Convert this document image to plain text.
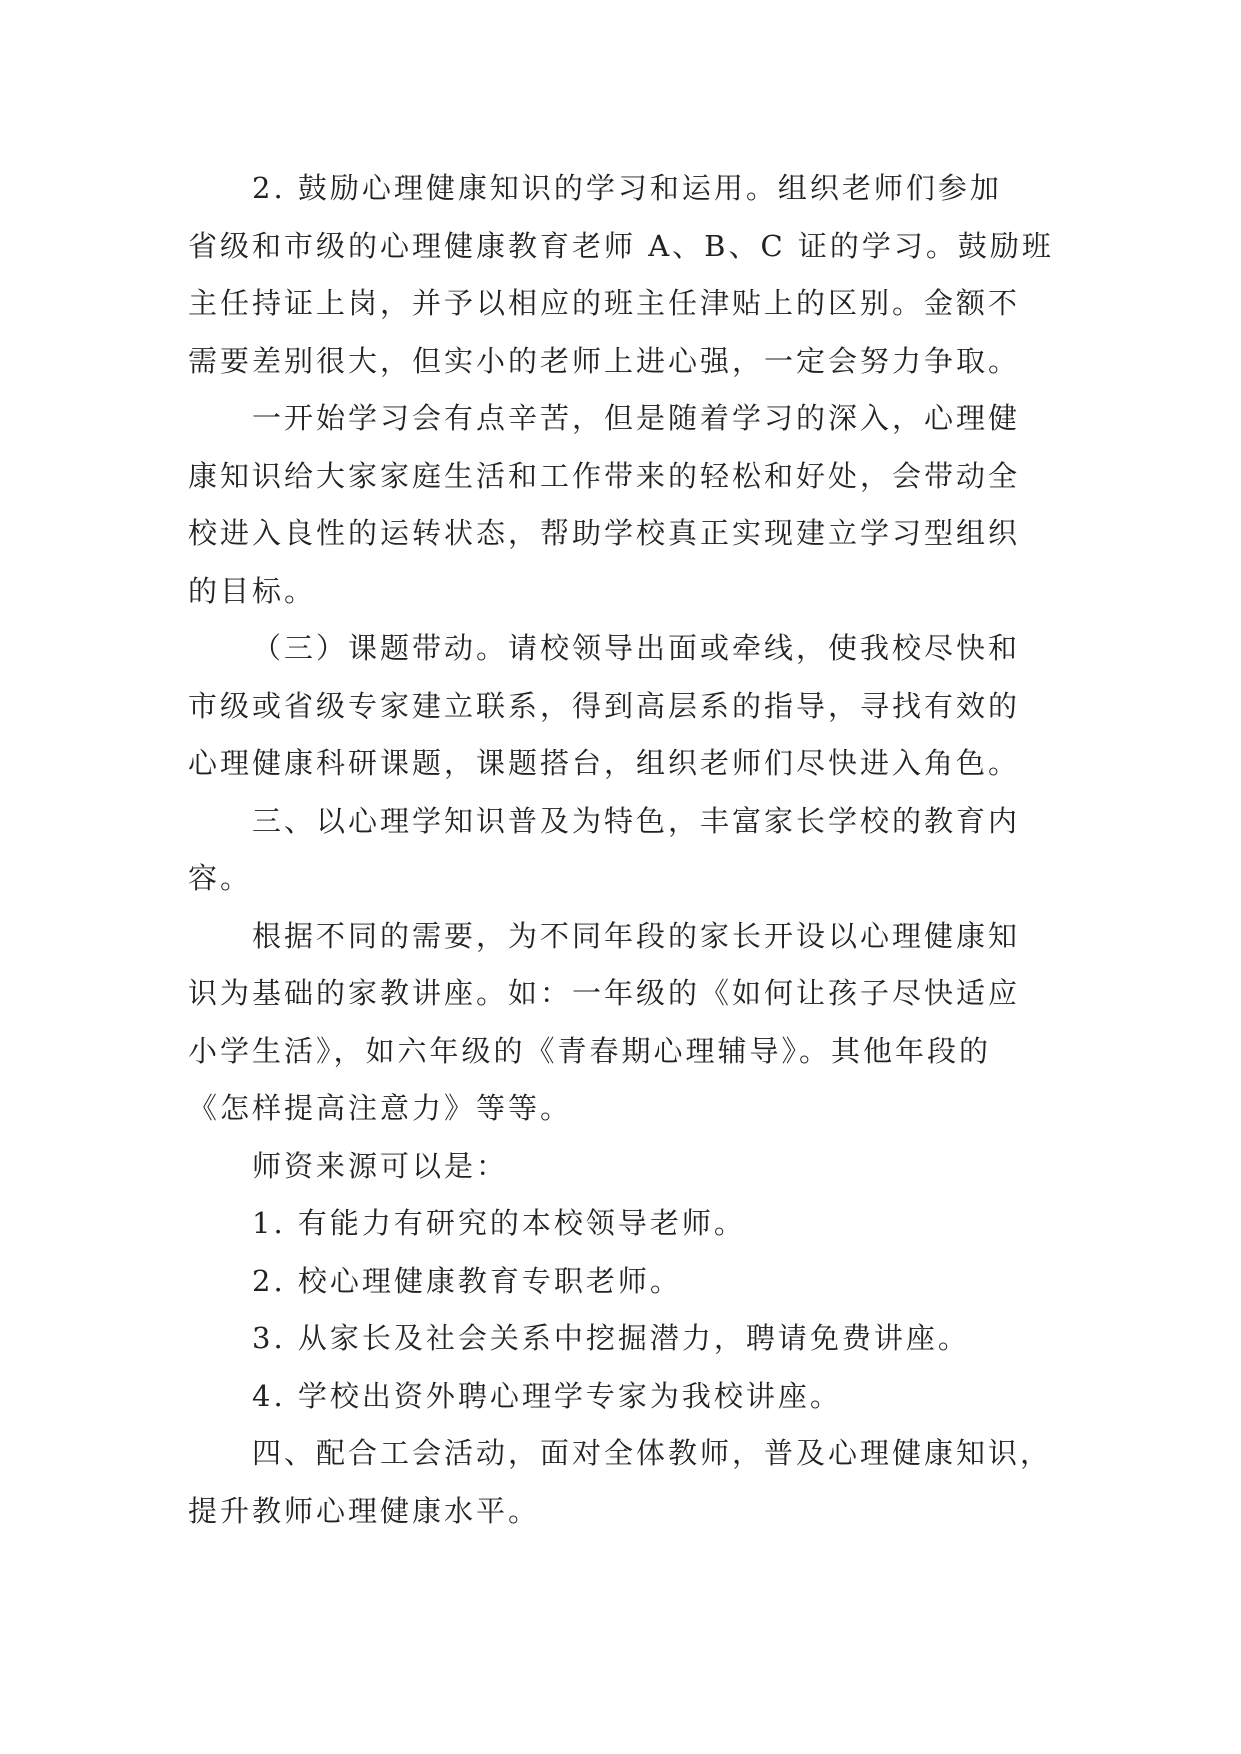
2. 鼓励心理健康知识的学习和运用。组织老师们参加
省级和市级的心理健康教育老师 A、B、C 证的学习。鼓励班
主任持证上岗，并予以相应的班主任津贴上的区别。金额不
需要差别很大，但实小的老师上进心强，一定会努力争取。
一开始学习会有点辛苦，但是随着学习的深入，心理健
康知识给大家家庭生活和工作带来的轻松和好处，会带动全
校进入良性的运转状态，帮助学校真正实现建立学习型组织
的目标。
（三）课题带动。请校领导出面或牵线，使我校尽快和
市级或省级专家建立联系，得到高层系的指导，寻找有效的
心理健康科研课题，课题搭台，组织老师们尽快进入角色。
三、以心理学知识普及为特色，丰富家长学校的教育内
容。
根据不同的需要，为不同年段的家长开设以心理健康知
识为基础的家教讲座。如：一年级的《如何让孩子尽快适应
小学生活》，如六年级的《青春期心理辅导》。其他年段的
《怎样提高注意力》等等。
师资来源可以是：
1. 有能力有研究的本校领导老师。
2. 校心理健康教育专职老师。
3. 从家长及社会关系中挖掘潜力，聘请免费讲座。
4. 学校出资外聘心理学专家为我校讲座。
四、配合工会活动，面对全体教师，普及心理健康知识，
提升教师心理健康水平。
